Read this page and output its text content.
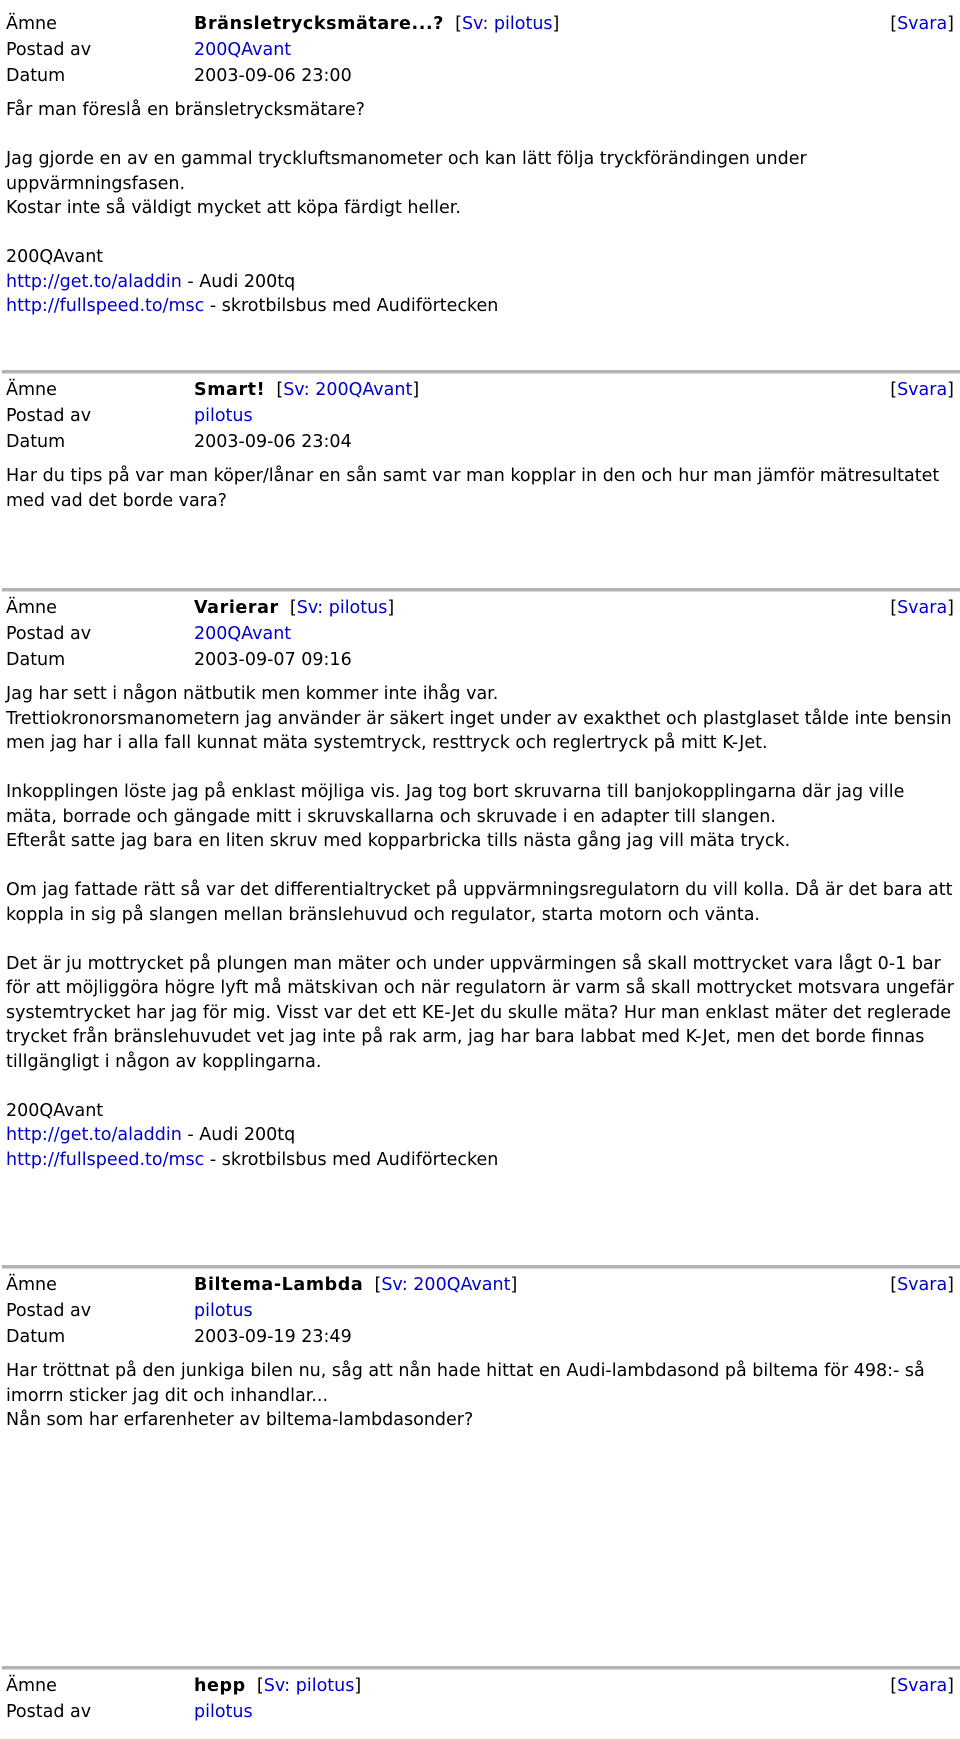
Ämne	Bränsletrycksmätare...?  [Sv: pilotus]	[Svara]
Postad av	200QAvant
Datum	2003-09-06 23:00

Får man föreslå en bränsletrycksmätare?

Jag gjorde en av en gammal tryckluftsmanometer och kan lätt följa tryckförändingen under uppvärmningsfasen.
Kostar inte så väldigt mycket att köpa färdigt heller.

200QAvant
http://get.to/aladdin - Audi 200tq
http://fullspeed.to/msc - skrotbilsbus med Audiförtecken
Ämne	Smart!  [Sv: 200QAvant]	[Svara]
Postad av	pilotus
Datum	2003-09-06 23:04

Har du tips på var man köper/lånar en sån samt var man kopplar in den och hur man jämför mätresultatet med vad det borde vara?

Ämne	Varierar  [Sv: pilotus]	[Svara]
Postad av	200QAvant
Datum	2003-09-07 09:16

Jag har sett i någon nätbutik men kommer inte ihåg var.
Trettiokronorsmanometern jag använder är säkert inget under av exakthet och plastglaset tålde inte bensin men jag har i alla fall kunnat mäta systemtryck, resttryck och reglertryck på mitt K-Jet.

Inkopplingen löste jag på enklast möjliga vis. Jag tog bort skruvarna till banjokopplingarna där jag ville mäta, borrade och gängade mitt i skruvskallarna och skruvade i en adapter till slangen.
Efteråt satte jag bara en liten skruv med kopparbricka tills nästa gång jag vill mäta tryck.

Om jag fattade rätt så var det differentialtrycket på uppvärmningsregulatorn du vill kolla. Då är det bara att koppla in sig på slangen mellan bränslehuvud och regulator, starta motorn och vänta.

Det är ju mottrycket på plungen man mäter och under uppvärmingen så skall mottrycket vara lågt 0-1 bar för att möjliggöra högre lyft må mätskivan och när regulatorn är varm så skall mottrycket motsvara ungefär systemtrycket har jag för mig. Visst var det ett KE-Jet du skulle mäta? Hur man enklast mäter det reglerade trycket från bränslehuvudet vet jag inte på rak arm, jag har bara labbat med K-Jet, men det borde finnas tillgängligt i någon av kopplingarna.

200QAvant
http://get.to/aladdin - Audi 200tq
http://fullspeed.to/msc - skrotbilsbus med Audiförtecken
Ämne	Biltema-Lambda  [Sv: 200QAvant]	[Svara]
Postad av	pilotus
Datum	2003-09-19 23:49

Har tröttnat på den junkiga bilen nu, såg att nån hade hittat en Audi-lambdasond på biltema för 498:- så imorrn sticker jag dit och inhandlar...
Nån som har erfarenheter av biltema-lambdasonder?

Ämne	hepp  [Sv: pilotus]	[Svara]
Postad av	pilotus
